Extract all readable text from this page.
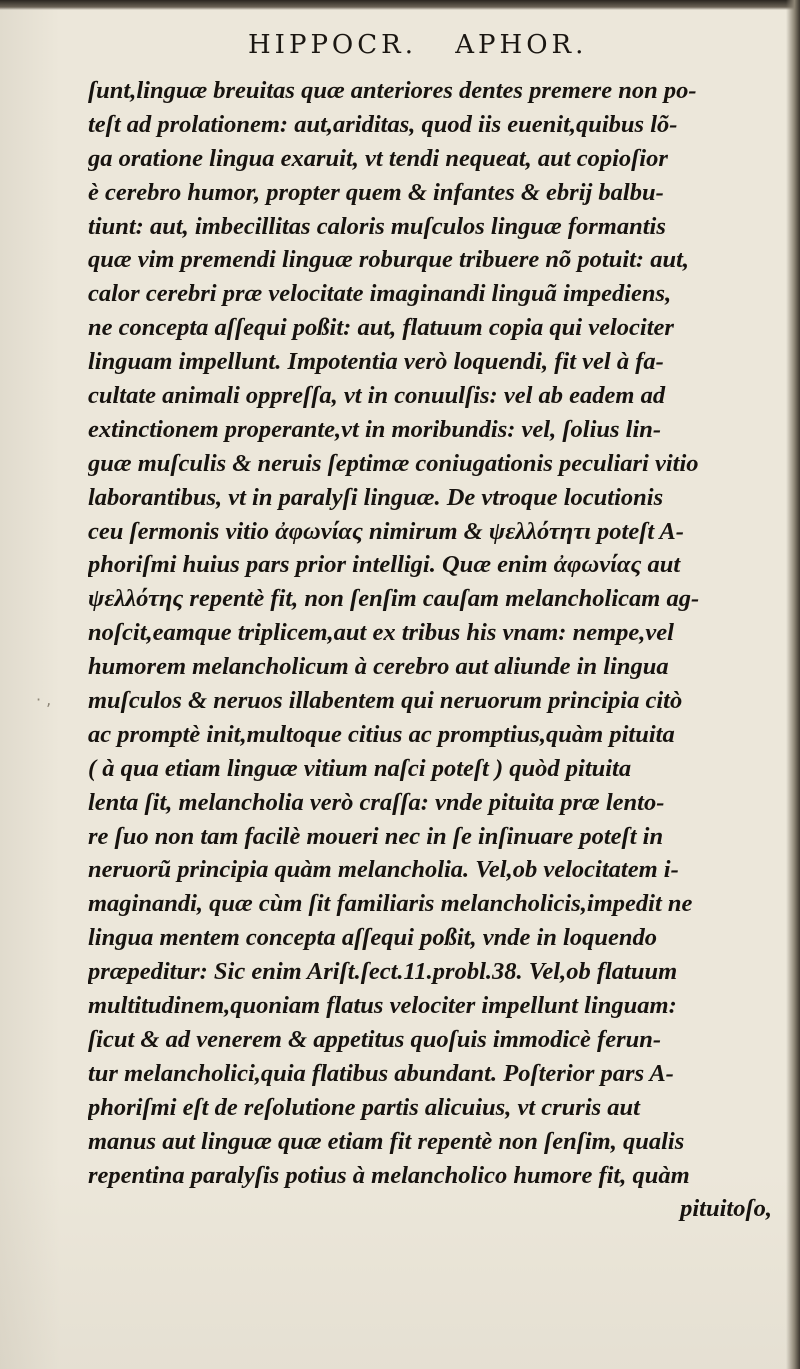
HIPPOCR. APHOR.
· ,
ſunt,linguæ breuitas quæ anteriores dentes premere non po-
teſt ad prolationem: aut,ariditas, quod iis euenit,quibus lõ-
ga oratione lingua exaruit, vt tendi nequeat, aut copioſior
è cerebro humor, propter quem & infantes & ebrij balbu-
tiunt: aut, imbecillitas caloris muſculos linguæ formantis
quæ vim premendi linguæ roburque tribuere nõ potuit: aut,
calor cerebri præ velocitate imaginandi linguã impediens,
ne concepta aſſequi poßit: aut, flatuum copia qui velociter
linguam impellunt. Impotentia verò loquendi, fit vel à fa-
cultate animali oppreſſa, vt in conuulſis: vel ab eadem ad
extinctionem properante,vt in moribundis: vel, ſolius lin-
guæ muſculis & neruis ſeptimæ coniugationis peculiari vitio
laborantibus, vt in paralyſi linguæ. De vtroque locutionis
ceu ſermonis vitio ἀφωνίας nimirum & ψελλότητι poteſt A-
phoriſmi huius pars prior intelligi. Quæ enim ἀφωνίας aut
ψελλότης repentè fit, non ſenſim cauſam melancholicam ag-
noſcit,eamque triplicem,aut ex tribus his vnam: nempe,vel
humorem melancholicum à cerebro aut aliunde in lingua
muſculos & neruos illabentem qui neruorum principia citò
ac promptè init,multoque citius ac promptius,quàm pituita
( à qua etiam linguæ vitium naſci poteſt ) quòd pituita
lenta ſit, melancholia verò craſſa: vnde pituita præ lento-
re ſuo non tam facilè moueri nec in ſe inſinuare poteſt in
neruorũ principia quàm melancholia. Vel,ob velocitatem i-
maginandi, quæ cùm ſit familiaris melancholicis,impedit ne
lingua mentem concepta aſſequi poßit, vnde in loquendo
præpeditur: Sic enim Ariſt.ſect.11.probl.38. Vel,ob flatuum
multitudinem,quoniam flatus velociter impellunt linguam:
ſicut & ad venerem & appetitus quoſuis immodicè ferun-
tur melancholici,quia flatibus abundant. Poſterior pars A-
phoriſmi eſt de reſolutione partis alicuius, vt cruris aut
manus aut linguæ quæ etiam fit repentè non ſenſim, qualis
repentina paralyſis potius à melancholico humore fit, quàm
pituitoſo,
